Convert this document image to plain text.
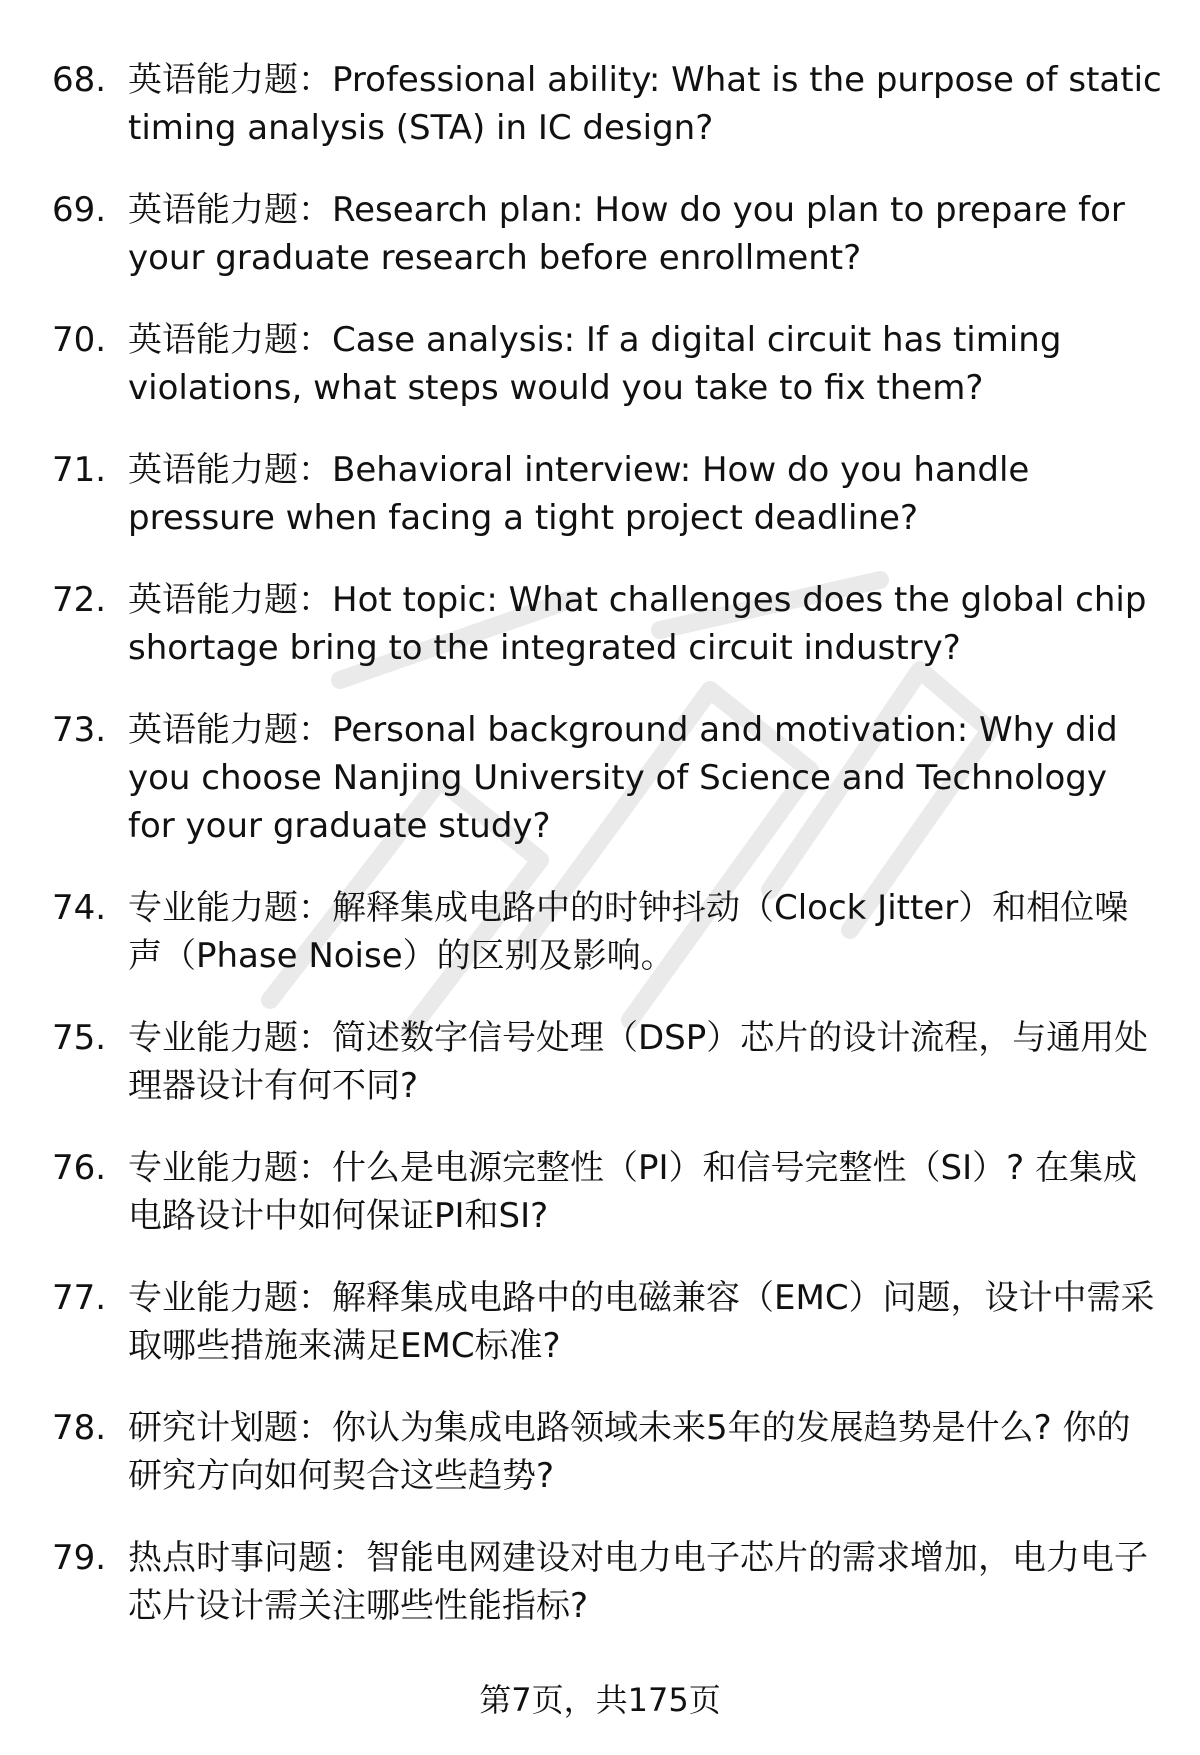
68. 英语能力题：Professional ability: What is the purpose of static timing analysis (STA) in IC design?
69. 英语能力题：Research plan: How do you plan to prepare for your graduate research before enrollment?
70. 英语能力题：Case analysis: If a digital circuit has timing violations, what steps would you take to fix them?
71. 英语能力题：Behavioral interview: How do you handle pressure when facing a tight project deadline?
72. 英语能力题：Hot topic: What challenges does the global chip shortage bring to the integrated circuit industry?
73. 英语能力题：Personal background and motivation: Why did you choose Nanjing University of Science and Technology for your graduate study?
74. 专业能力题：解释集成电路中的时钟抖动（Clock Jitter）和相位噪声（Phase Noise）的区别及影响。
75. 专业能力题：简述数字信号处理（DSP）芯片的设计流程，与通用处理器设计有何不同?
76. 专业能力题：什么是电源完整性（PI）和信号完整性（SI）? 在集成电路设计中如何保证PI和SI?
77. 专业能力题：解释集成电路中的电磁兼容（EMC）问题，设计中需采取哪些措施来满足EMC标准?
78. 研究计划题：你认为集成电路领域未来5年的发展趋势是什么? 你的研究方向如何契合这些趋势?
79. 热点时事问题：智能电网建设对电力电子芯片的需求增加，电力电子芯片设计需关注哪些性能指标?
第7页，共175页
